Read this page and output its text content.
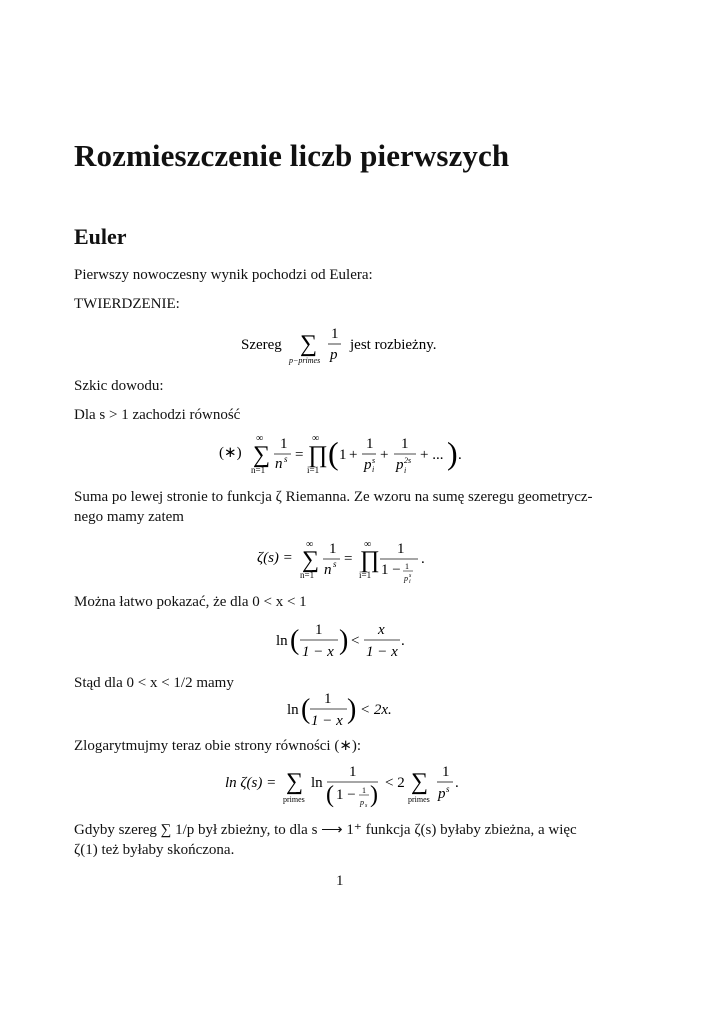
Rozmieszczenie liczb pierwszych
Euler

Pierwszy nowoczesny wynik pochodzi od Eulera:

TWIERDZENIE:

Szereg ∑
p−primes
1
p
jest rozbieżny.

Szkic dowodu:

Dla s > 1 zachodzi równość

(∗)
∞
∑
n=1
1
n s =
∞
∏
i=1 ( 1 +
1
p i
s +
1
p i
2s + ... ) .

Suma po lewej stronie to funkcja ζ Riemanna. Ze wzoru na sumę szeregu geometrycz-

nego mamy zatem

ζ(s) =
∞
∑
n=1
1
n s =
∞
∏
i=1
1
1 − 1
p i
s
.

Można łatwo pokazać, że dla 0 < x < 1

ln ( 1
1 − x ) <
x
1 − x
.

Stąd dla 0 < x < 1/2 mamy

ln ( 1
1 − x ) < 2x.

Zlogarytmujmy teraz obie strony równości (∗):

ln ζ(s) = ∑
primes
ln
1
( 1 − 1
p s ) < 2 ∑
primes
1
p s .

Gdyby szereg ∑ 1/p był zbieżny, to dla s ⟶ 1⁺ funkcja ζ(s) byłaby zbieżna, a więc

ζ(1) też byłaby skończona.

1
